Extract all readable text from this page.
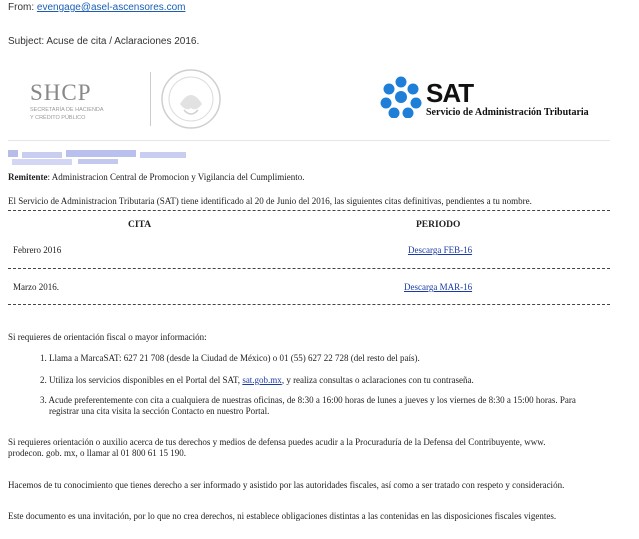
From: evengage@asel-ascensores.com
Subject: Acuse de cita / Aclaraciones 2016.
SHCP
SECRETARÍA DE HACIENDA
Y CRÉDITO PÚBLICO
SAT
Servicio de Administración Tributaria
Remitente: Administracion Central de Promocion y Vigilancia del Cumplimiento.
El Servicio de Administracion Tributaria (SAT) tiene identificado al 20 de Junio del 2016, las siguientes citas definitivas, pendientes a tu nombre.
CITA	PERIODO
Febrero 2016	Descarga FEB-16
Marzo 2016.	Descarga MAR-16
Si requieres de orientación fiscal o mayor información:
1. Llama a MarcaSAT: 627 21 708 (desde la Ciudad de México) o 01 (55) 627 22 728 (del resto del país).
2. Utiliza los servicios disponibles en el Portal del SAT, sat.gob.mx, y realiza consultas o aclaraciones con tu contraseña.
3. Acude preferentemente con cita a cualquiera de nuestras oficinas, de 8:30 a 16:00 horas de lunes a jueves y los viernes de 8:30 a 15:00 horas. Para
registrar una cita visita la sección Contacto en nuestro Portal.
Si requieres orientación o auxilio acerca de tus derechos y medios de defensa puedes acudir a la Procuraduría de la Defensa del Contribuyente, www.
prodecon. gob. mx, o llamar al 01 800 61 15 190.
Hacemos de tu conocimiento que tienes derecho a ser informado y asistido por las autoridades fiscales, así como a ser tratado con respeto y consideración.
Este documento es una invitación, por lo que no crea derechos, ni establece obligaciones distintas a las contenidas en las disposiciones fiscales vigentes.
